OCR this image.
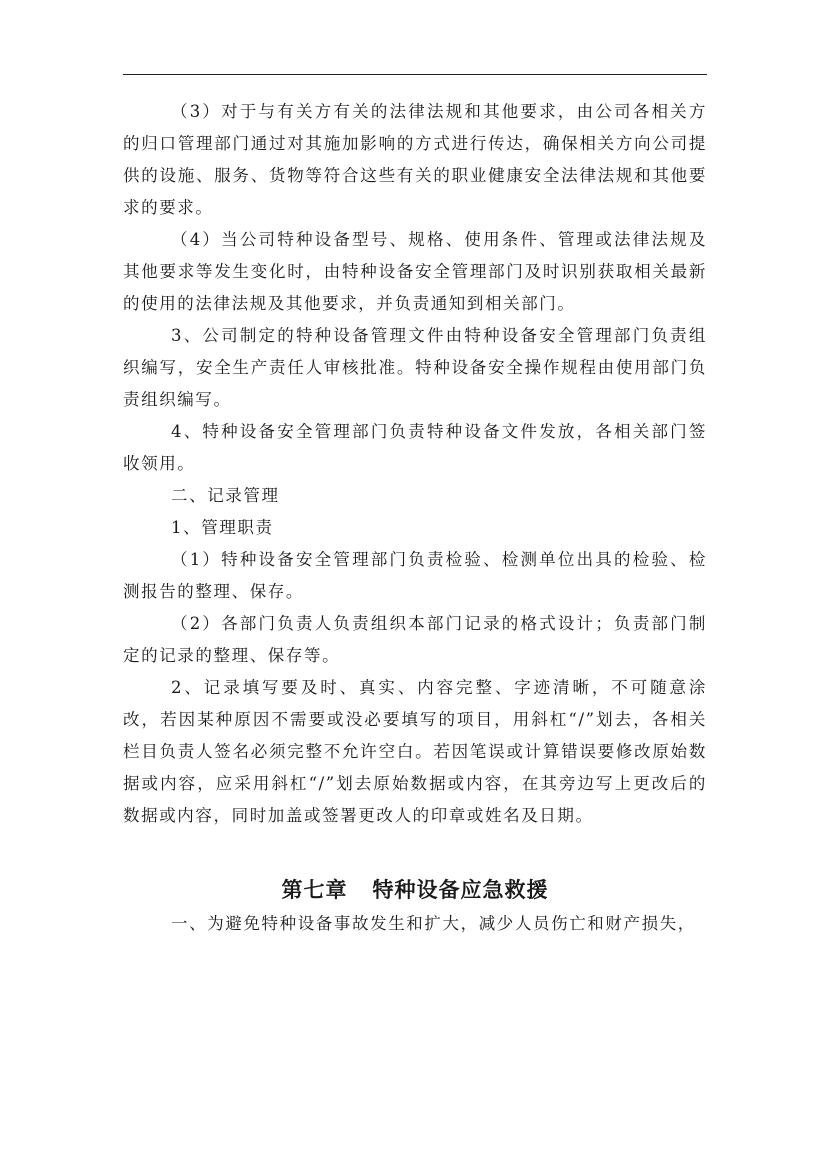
（3）对于与有关方有关的法律法规和其他要求，由公司各相关方的归口管理部门通过对其施加影响的方式进行传达，确保相关方向公司提供的设施、服务、货物等符合这些有关的职业健康安全法律法规和其他要求的要求。

（4）当公司特种设备型号、规格、使用条件、管理或法律法规及其他要求等发生变化时，由特种设备安全管理部门及时识别获取相关最新的使用的法律法规及其他要求，并负责通知到相关部门。

3、公司制定的特种设备管理文件由特种设备安全管理部门负责组织编写，安全生产责任人审核批准。特种设备安全操作规程由使用部门负责组织编写。

4、特种设备安全管理部门负责特种设备文件发放，各相关部门签收领用。

二、记录管理

1、管理职责

（1）特种设备安全管理部门负责检验、检测单位出具的检验、检测报告的整理、保存。

（2）各部门负责人负责组织本部门记录的格式设计；负责部门制定的记录的整理、保存等。

2、记录填写要及时、真实、内容完整、字迹清晰，不可随意涂改，若因某种原因不需要或没必要填写的项目，用斜杠“/”划去，各相关栏目负责人签名必须完整不允许空白。若因笔误或计算错误要修改原始数据或内容，应采用斜杠“/”划去原始数据或内容，在其旁边写上更改后的数据或内容，同时加盖或签署更改人的印章或姓名及日期。

第七章   特种设备应急救援

一、为避免特种设备事故发生和扩大，减少人员伤亡和财产损失，
